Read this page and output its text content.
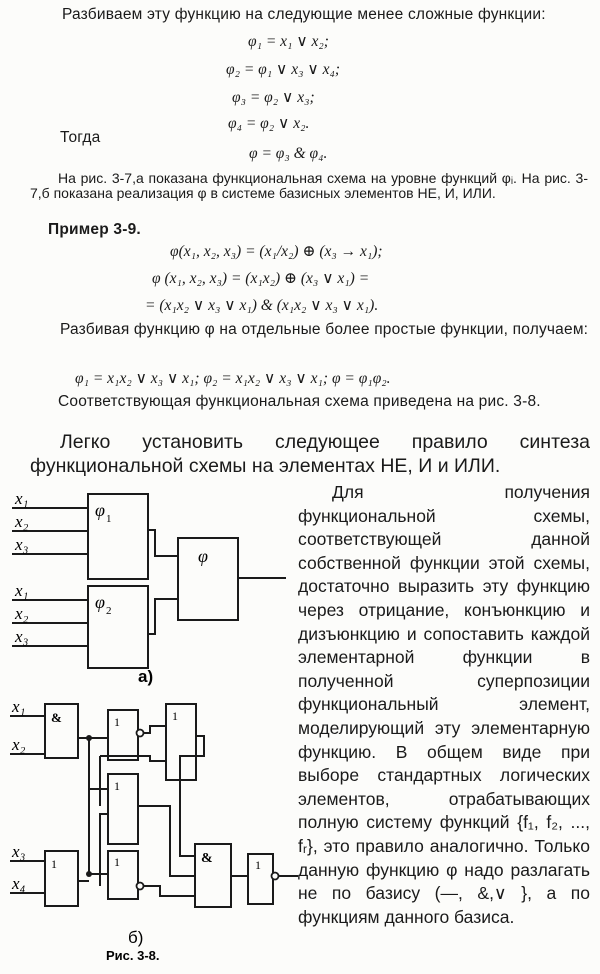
Разбиваем эту функцию на следующие менее сложные функции:
φ₁ = x₁ ∨ x₂;
φ₂ = φ₁ ∨ x₃ ∨ x₄;
φ₃ = φ₂ ∨ x₃;
φ₄ = φ₂ ∨ x₂.
Тогда
φ = φ₃ & φ₄.
На рис. 3-7,а показана функциональная схема на уровне функций φᵢ. На рис. 3-7,б показана реализация φ в системе базисных элементов НЕ, И, ИЛИ.
Пример 3-9.
φ(x₁, x₂, x₃) = (x₁/x₂) ⊕ (x₃ → x₁);
φ (x₁, x₂, x₃) = (x₁x₂) ⊕ (x₃ ∨ x₁) =
= (x₁x₂ ∨ x₃ ∨ x₁) & (x₁x₂ ∨ x₃ ∨ x₁).
Разбивая функцию φ на отдельные более простые функции, получаем:
φ₁ = x₁x₂ ∨ x₃ ∨ x₁; φ₂ = x₁x₂ ∨ x₃ ∨ x₁; φ = φ₁φ₂.
Соответствующая функциональная схема приведена на рис. 3-8.
Легко установить следующее правило синтеза функциональной схемы на элементах НЕ, И и ИЛИ.
Для получения функциональной схемы, соответствующей данной собственной функции этой схемы, достаточно выразить эту функцию через отрицание, конъюнкцию и дизъюнкцию и сопоставить каждой элементарной функции в полученной суперпозиции функциональный элемент, моделирующий эту элементарную функцию. В общем виде при выборе стандартных логических элементов, отрабатывающих полную систему функций {f₁, f₂, ..., fᵣ}, это правило аналогично. Только данную функцию φ надо разлагать не по базису (—, &,∨ }, а по функциям данного базиса.
x₁
x₂
x₃
x₁
x₂
x₃
φ 1
φ 2
φ
а)
x₁
x₂
x₃
x₄
&	1	1
1
1	1	&	1
б)
Рис. 3-8.
